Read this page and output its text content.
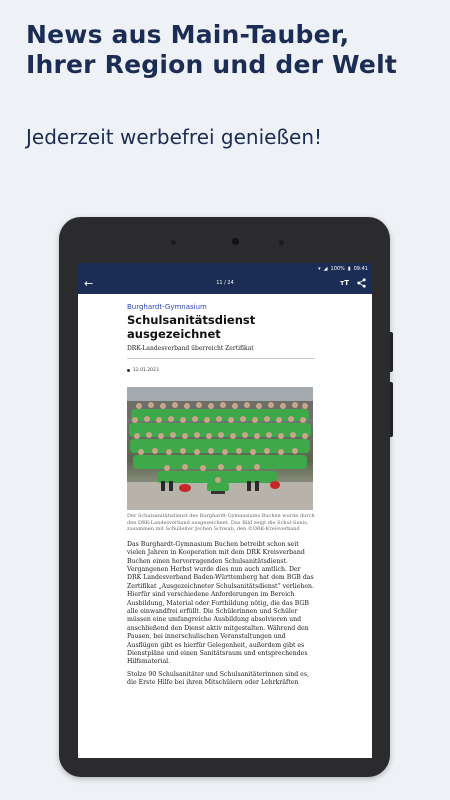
News aus Main-Tauber, Ihrer Region und der Welt
Jederzeit werbefrei genießen!
▾ ◢ 100% ▮ 09:41
←	11 / 24	тT
Burghardt-Gymnasium
Schulsanitätsdienst ausgezeichnet
DRK-Landesverband überreicht Zertifikat
12.01.2023
Der Schulsanitätsdienst des Burghardt-Gymnasiums Buchen wurde durch den DRK-Landesverband ausgezeichnet. Das Bild zeigt die Schul-Sanis, zusammen mit Schulleiter Jochen Schwab, den ©DRK-Kreisverband

Das Burghardt-Gymnasium Buchen betreibt schon seit vielen Jahren in Kooperation mit dem DRK Kreisverband Buchen einen hervorragenden Schulsanitätsdienst. Vergangenen Herbst wurde dies nun auch amtlich. Der DRK Landesverband Baden-Württemberg hat dem BGB das Zertifikat „Ausgezeichneter Schulsanitätsdienst“ verliehen. Hierfür sind verschiedene Anforderungen im Bereich Ausbildung, Material oder Fortbildung nötig, die das BGB alle einwandfrei erfüllt. Die Schülerinnen und Schüler müssen eine umfangreiche Ausbildung absolvieren und anschließend den Dienst aktiv mitgestalten. Während den Pausen, bei innerschulischen Veranstaltungen und Ausflügen gibt es hierfür Gelegenheit, außerdem gibt es Dienstpläne und einen Sanitätsraum und entsprechendes Hilfsmaterial.

Stolze 90 Schulsanitäter und Schulsanitäterinnen sind es, die Erste Hilfe bei ihren Mitschülern oder Lehrkräften
